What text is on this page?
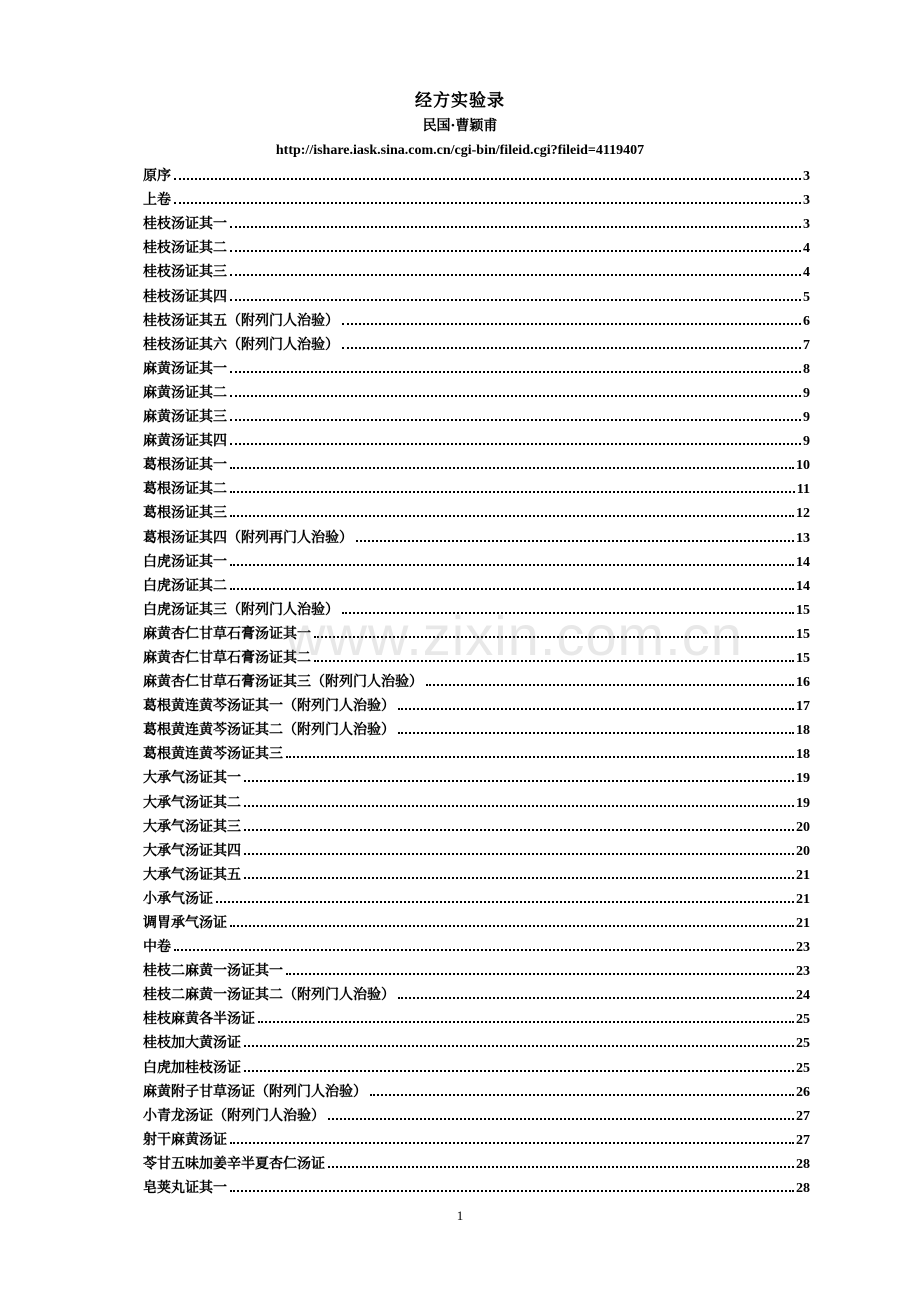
经方实验录
民国·曹颖甫
http://ishare.iask.sina.com.cn/cgi-bin/fileid.cgi?fileid=4119407
原序	3
上卷	3
桂枝汤证其一	3
桂枝汤证其二	4
桂枝汤证其三	4
桂枝汤证其四	5
桂枝汤证其五（附列门人治验）	6
桂枝汤证其六（附列门人治验）	7
麻黄汤证其一	8
麻黄汤证其二	9
麻黄汤证其三	9
麻黄汤证其四	9
葛根汤证其一	10
葛根汤证其二	11
葛根汤证其三	12
葛根汤证其四（附列再门人治验）	13
白虎汤证其一	14
白虎汤证其二	14
白虎汤证其三（附列门人治验）	15
麻黄杏仁甘草石膏汤证其一	15
麻黄杏仁甘草石膏汤证其二	15
麻黄杏仁甘草石膏汤证其三（附列门人治验）	16
葛根黄连黄芩汤证其一（附列门人治验）	17
葛根黄连黄芩汤证其二（附列门人治验）	18
葛根黄连黄芩汤证其三	18
大承气汤证其一	19
大承气汤证其二	19
大承气汤证其三	20
大承气汤证其四	20
大承气汤证其五	21
小承气汤证	21
调胃承气汤证	21
中卷	23
桂枝二麻黄一汤证其一	23
桂枝二麻黄一汤证其二（附列门人治验）	24
桂枝麻黄各半汤证	25
桂枝加大黄汤证	25
白虎加桂枝汤证	25
麻黄附子甘草汤证（附列门人治验）	26
小青龙汤证（附列门人治验）	27
射干麻黄汤证	27
苓甘五味加姜辛半夏杏仁汤证	28
皂荚丸证其一	28
www.zixin.com.cn
1
